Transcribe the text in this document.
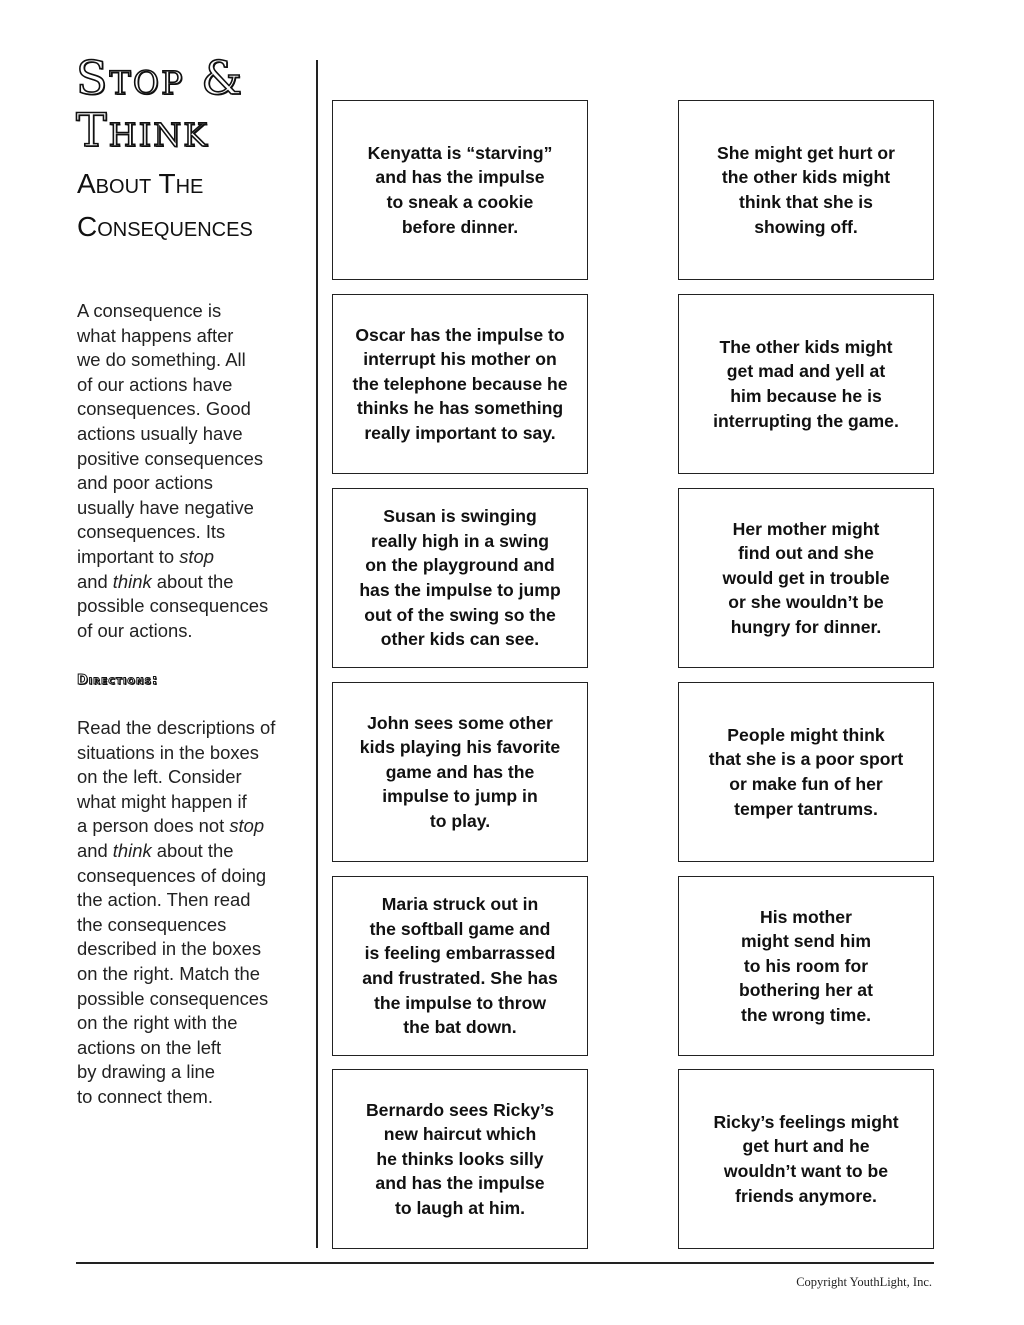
Stop &
Think
About The
Consequences

A consequence is
what happens after
we do something. All
of our actions have
consequences. Good
actions usually have
positive consequences
and poor actions
usually have negative
consequences. Its
important to stop
and think about the
possible consequences
of our actions.

Directions:

Read the descriptions of
situations in the boxes
on the left. Consider
what might happen if
a person does not stop
and think about the
consequences of doing
the action. Then read
the consequences
described in the boxes
on the right. Match the
possible consequences
on the right with the
actions on the left
by drawing a line
to connect them.

Kenyatta is “starving”
and has the impulse
to sneak a cookie
before dinner.
Oscar has the impulse to
interrupt his mother on
the telephone because he
thinks he has something
really important to say.
Susan is swinging
really high in a swing
on the playground and
has the impulse to jump
out of the swing so the
other kids can see.
John sees some other
kids playing his favorite
game and has the
impulse to jump in
to play.
Maria struck out in
the softball game and
is feeling embarrassed
and frustrated. She has
the impulse to throw
the bat down.
Bernardo sees Ricky’s
new haircut which
he thinks looks silly
and has the impulse
to laugh at him.
She might get hurt or
the other kids might
think that she is
showing off.
The other kids might
get mad and yell at
him because he is
interrupting the game.
Her mother might
find out and she
would get in trouble
or she wouldn’t be
hungry for dinner.
People might think
that she is a poor sport
or make fun of her
temper tantrums.
His mother
might send him
to his room for
bothering her at
the wrong time.
Ricky’s feelings might
get hurt and he
wouldn’t want to be
friends anymore.
Copyright YouthLight, Inc.
